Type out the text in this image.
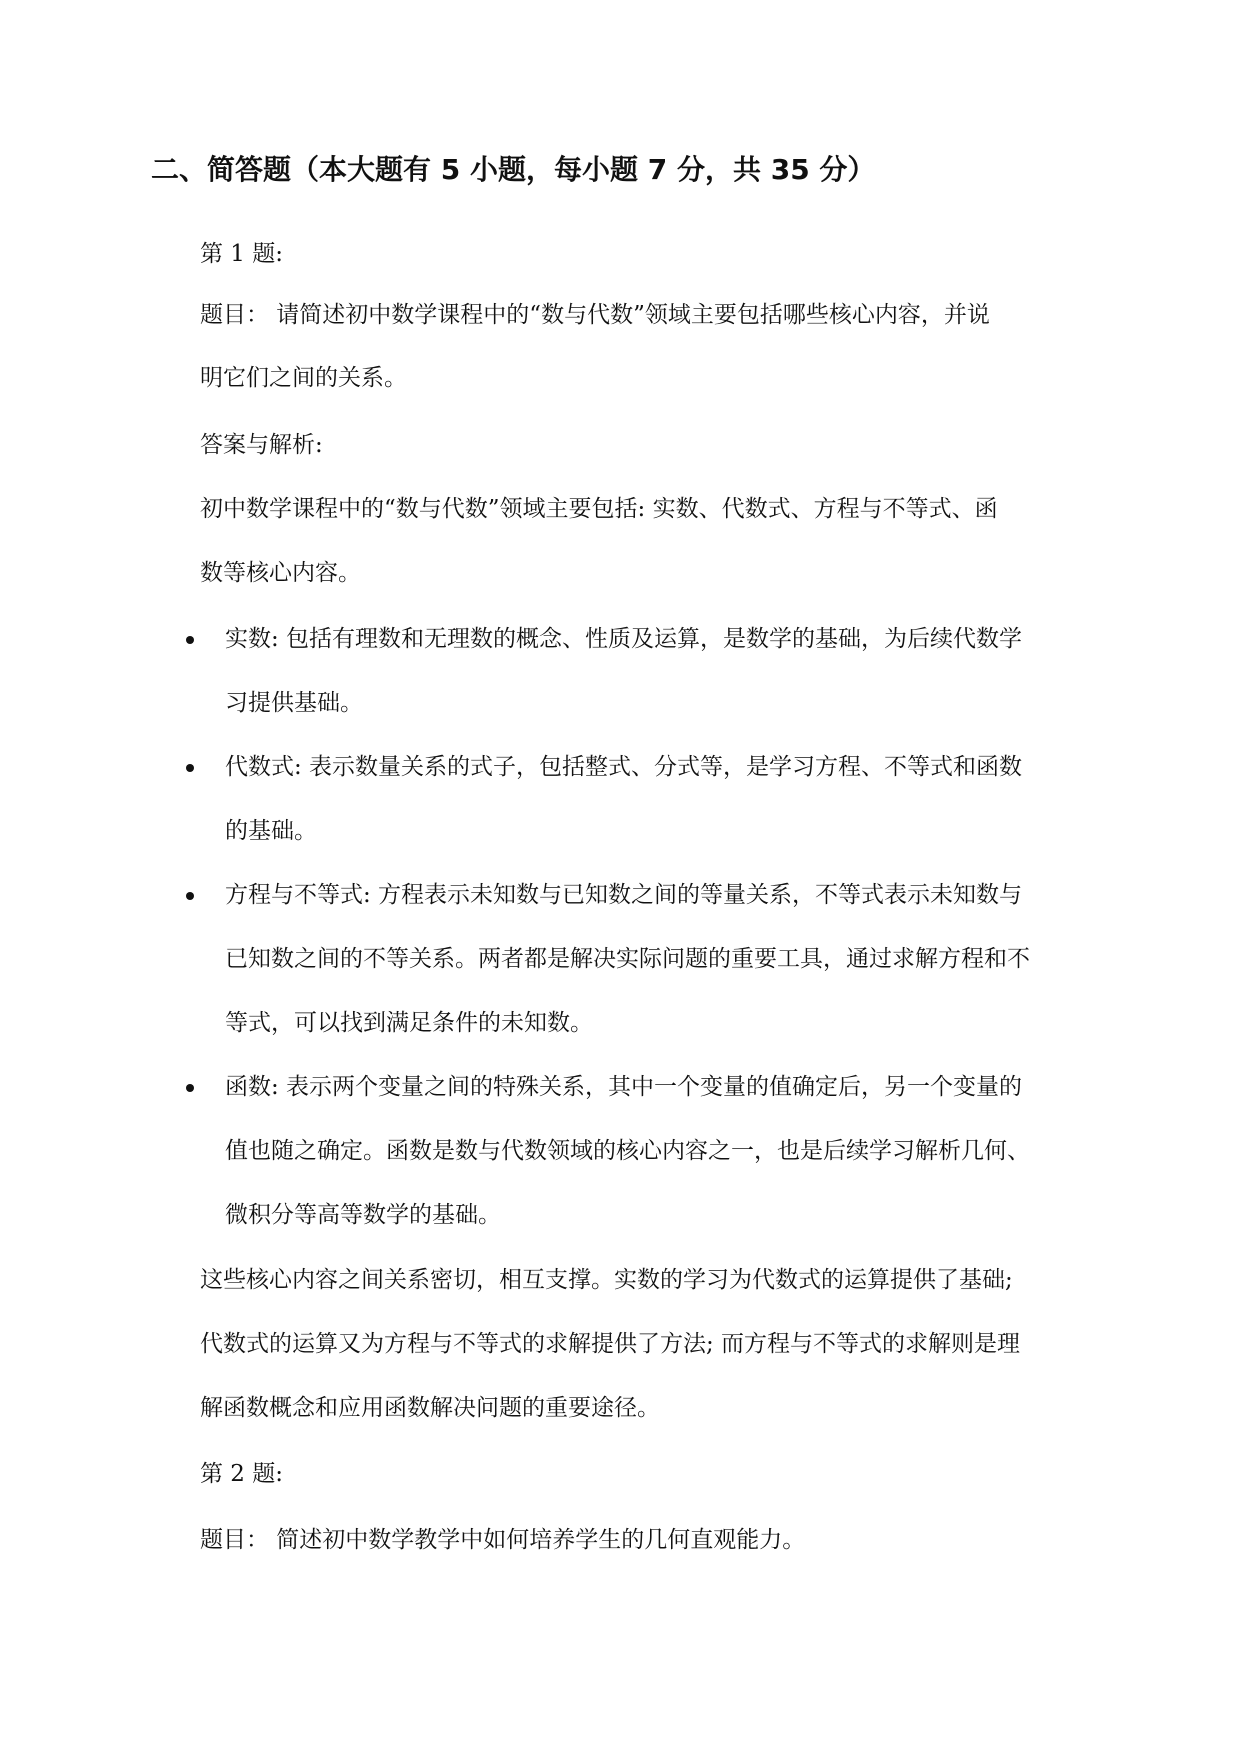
二、简答题（本大题有 5 小题，每小题 7 分，共 35 分）
第 1 题:
题目： 请简述初中数学课程中的“数与代数”领域主要包括哪些核心内容，并说
明它们之间的关系。
答案与解析:
初中数学课程中的“数与代数”领域主要包括: 实数、代数式、方程与不等式、函
数等核心内容。
实数: 包括有理数和无理数的概念、性质及运算，是数学的基础，为后续代数学
习提供基础。
代数式: 表示数量关系的式子，包括整式、分式等，是学习方程、不等式和函数
的基础。
方程与不等式: 方程表示未知数与已知数之间的等量关系，不等式表示未知数与
已知数之间的不等关系。两者都是解决实际问题的重要工具，通过求解方程和不
等式，可以找到满足条件的未知数。
函数: 表示两个变量之间的特殊关系，其中一个变量的值确定后，另一个变量的
值也随之确定。函数是数与代数领域的核心内容之一，也是后续学习解析几何、
微积分等高等数学的基础。
这些核心内容之间关系密切，相互支撑。实数的学习为代数式的运算提供了基础;
代数式的运算又为方程与不等式的求解提供了方法; 而方程与不等式的求解则是理
解函数概念和应用函数解决问题的重要途径。
第 2 题:
题目： 简述初中数学教学中如何培养学生的几何直观能力。
